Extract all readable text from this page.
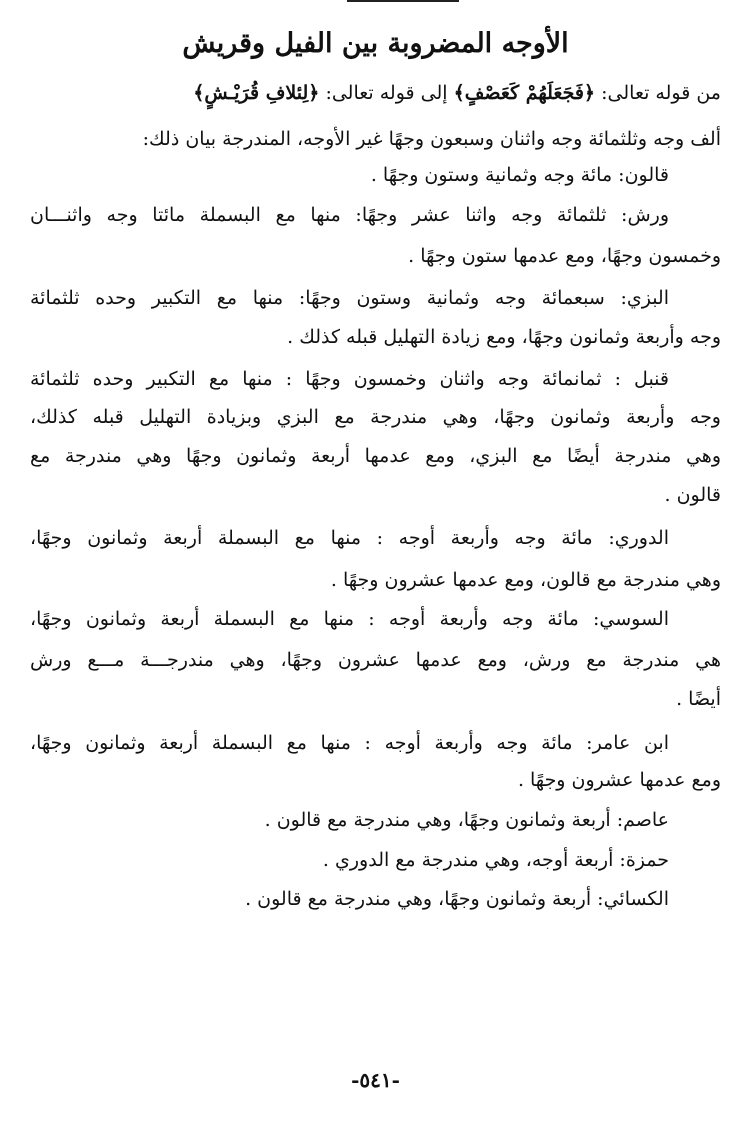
الأوجه المضروبة بين الفيل وقريش
من قوله تعالى: ﴿فَجَعَلَهُمْ كَعَصْفٍ﴾ إلى قوله تعالى: ﴿لِئلافِ قُرَيْـشٍ﴾
ألف وجه وثلثمائة وجه واثنان وسبعون وجهًا غير الأوجه، المندرجة بيان ذلك:
قالون: مائة وجه وثمانية وستون وجهًا .
ورش: ثلثمائة وجه واثنا عشر وجهًا: منها مع البسملة مائتا وجه واثنـــان
وخمسون وجهًا، ومع عدمها ستون وجهًا .
البزي: سبعمائة وجه وثمانية وستون وجهًا: منها مع التكبير وحده ثلثمائة
وجه وأربعة وثمانون وجهًا، ومع زيادة التهليل قبله كذلك .
قنبل : ثمانمائة وجه واثنان وخمسون وجهًا : منها مع التكبير وحده ثلثمائة
وجه وأربعة وثمانون وجهًا، وهي مندرجة مع البزي وبزيادة التهليل قبله كذلك،
وهي مندرجة أيضًا مع البزي، ومع عدمها أربعة وثمانون وجهًا وهي مندرجة مع
قالون .
الدوري: مائة وجه وأربعة أوجه : منها مع البسملة أربعة وثمانون وجهًا،
وهي مندرجة مع قالون، ومع عدمها عشرون وجهًا .
السوسي: مائة وجه وأربعة أوجه : منها مع البسملة أربعة وثمانون وجهًا،
هي مندرجة مع ورش، ومع عدمها عشرون وجهًا، وهي مندرجـــة مـــع ورش
أيضًا .
ابن عامر: مائة وجه وأربعة أوجه : منها مع البسملة أربعة وثمانون وجهًا،
ومع عدمها عشرون وجهًا .
عاصم: أربعة وثمانون وجهًا، وهي مندرجة مع قالون .
حمزة: أربعة أوجه، وهي مندرجة مع الدوري .
الكسائي: أربعة وثمانون وجهًا، وهي مندرجة مع قالون .
-٥٤١-
